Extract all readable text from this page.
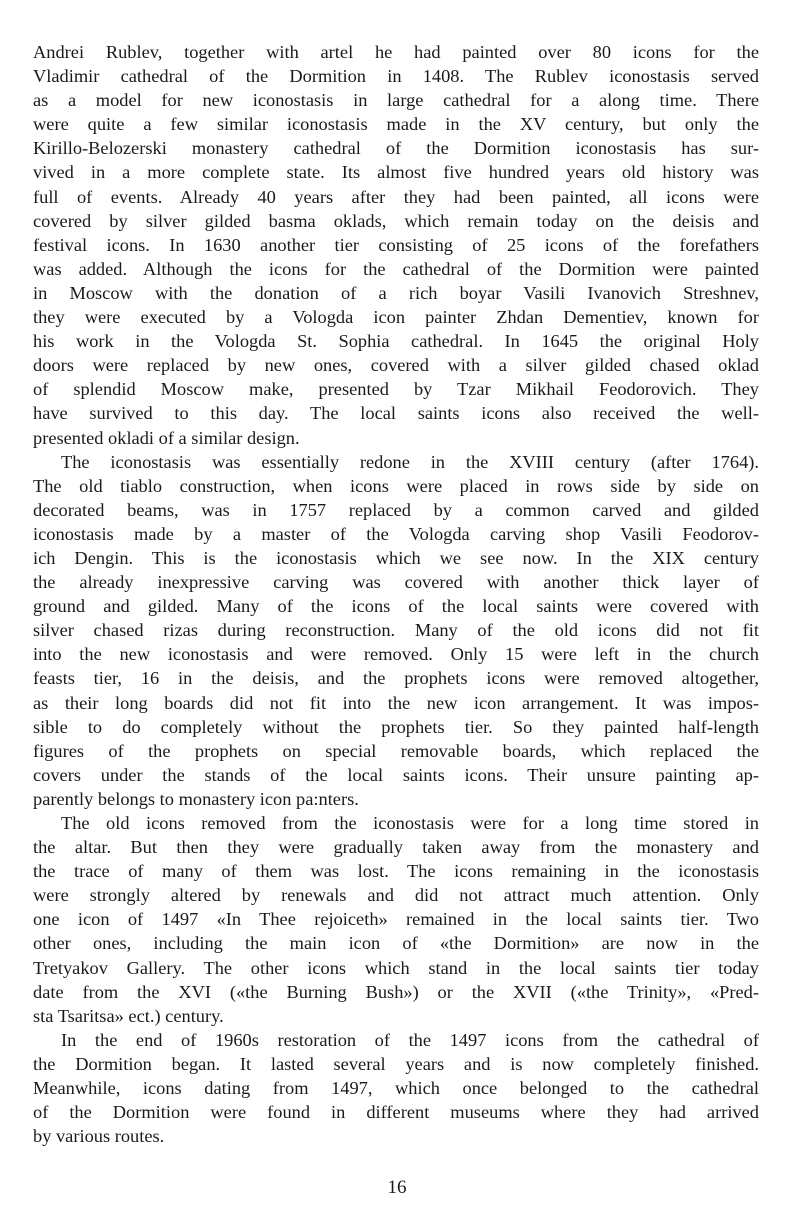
Andrei Rublev, together with artel he had painted over 80 icons for the
Vladimir cathedral of the Dormition in 1408. The Rublev iconostasis served
as a model for new iconostasis in large cathedral for a along time. There
were quite a few similar iconostasis made in the XV century, but only the
Kirillo-Belozerski monastery cathedral of the Dormition iconostasis has sur-
vived in a more complete state. Its almost five hundred years old history was
full of events. Already 40 years after they had been painted, all icons were
covered by silver gilded basma oklads, which remain today on the deisis and
festival icons. In 1630 another tier consisting of 25 icons of the forefathers
was added. Although the icons for the cathedral of the Dormition were painted
in Moscow with the donation of a rich boyar Vasili Ivanovich Streshnev,
they were executed by a Vologda icon painter Zhdan Dementiev, known for
his work in the Vologda St. Sophia cathedral. In 1645 the original Holy
doors were replaced by new ones, covered with a silver gilded chased oklad
of splendid Moscow make, presented by Tzar Mikhail Feodorovich. They
have survived to this day. The local saints icons also received the well-
presented okladi of a similar design.
The iconostasis was essentially redone in the XVIII century (after 1764).
The old tiablo construction, when icons were placed in rows side by side on
decorated beams, was in 1757 replaced by a common carved and gilded
iconostasis made by a master of the Vologda carving shop Vasili Feodorov-
ich Dengin. This is the iconostasis which we see now. In the XIX century
the already inexpressive carving was covered with another thick layer of
ground and gilded. Many of the icons of the local saints were covered with
silver chased rizas during reconstruction. Many of the old icons did not fit
into the new iconostasis and were removed. Only 15 were left in the church
feasts tier, 16 in the deisis, and the prophets icons were removed altogether,
as their long boards did not fit into the new icon arrangement. It was impos-
sible to do completely without the prophets tier. So they painted half-length
figures of the prophets on special removable boards, which replaced the
covers under the stands of the local saints icons. Their unsure painting ap-
parently belongs to monastery icon pa:nters.
The old icons removed from the iconostasis were for a long time stored in
the altar. But then they were gradually taken away from the monastery and
the trace of many of them was lost. The icons remaining in the iconostasis
were strongly altered by renewals and did not attract much attention. Only
one icon of 1497 «In Thee rejoiceth» remained in the local saints tier. Two
other ones, including the main icon of «the Dormition» are now in the
Tretyakov Gallery. The other icons which stand in the local saints tier today
date from the XVI («the Burning Bush») or the XVII («the Trinity», «Pred-
sta Tsaritsa» ect.) century.
In the end of 1960s restoration of the 1497 icons from the cathedral of
the Dormition began. It lasted several years and is now completely finished.
Meanwhile, icons dating from 1497, which once belonged to the cathedral
of the Dormition were found in different museums where they had arrived
by various routes.
16
